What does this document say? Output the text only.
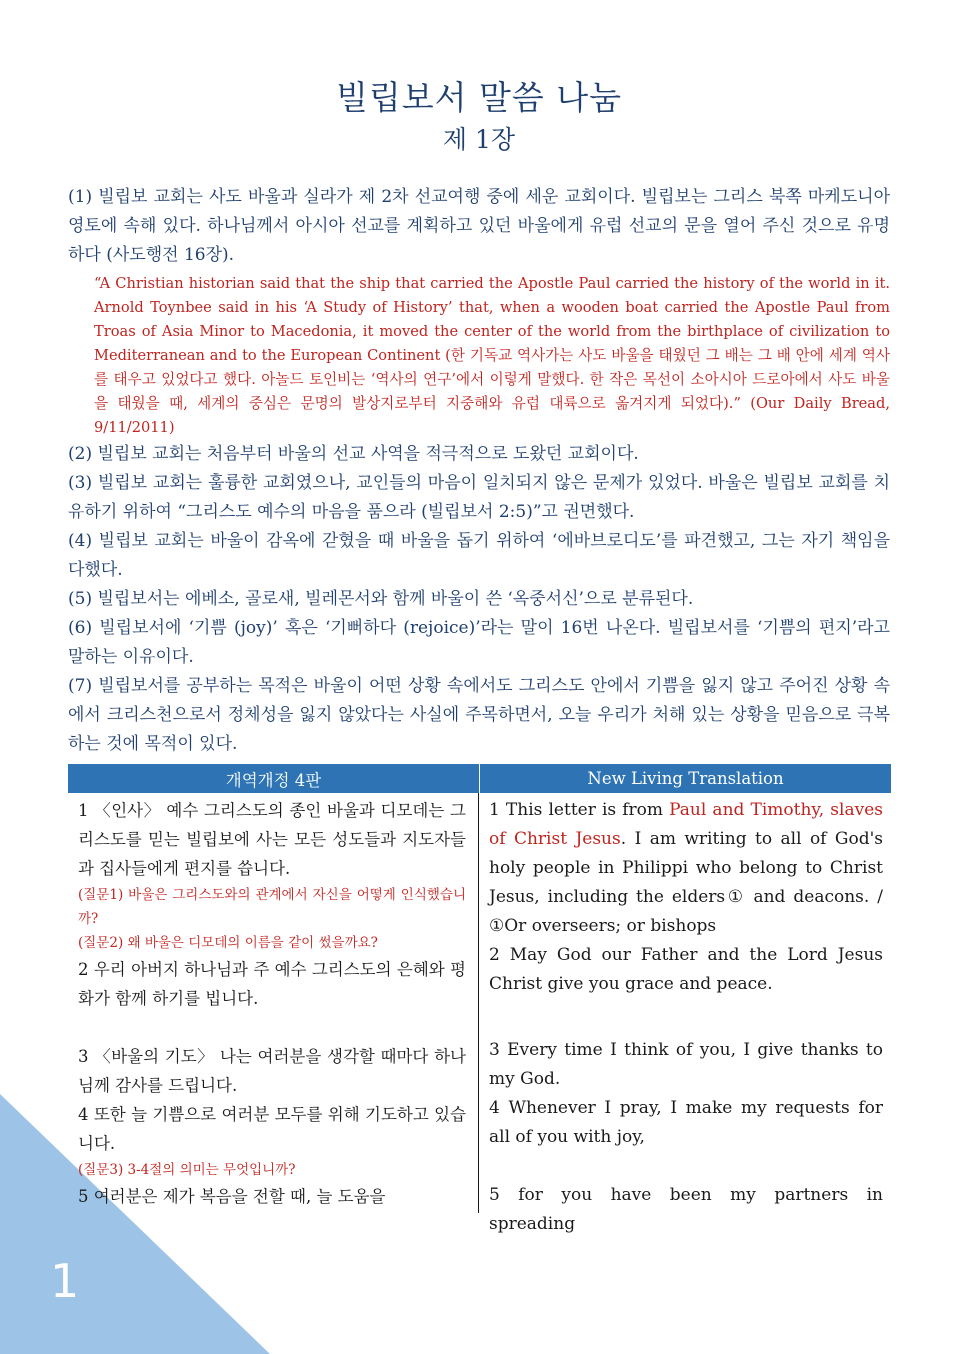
1
빌립보서 말씀 나눔
제 1장

(1) 빌립보 교회는 사도 바울과 실라가 제 2차 선교여행 중에 세운 교회이다. 빌립보는 그리스 북쪽 마케도니아 영토에 속해 있다. 하나님께서 아시아 선교를 계획하고 있던 바울에게 유럽 선교의 문을 열어 주신 것으로 유명하다 (사도행전 16장).

“A Christian historian said that the ship that carried the Apostle Paul carried the history of the world in it. Arnold Toynbee said in his ‘A Study of History’ that, when a wooden boat carried the Apostle Paul from Troas of Asia Minor to Macedonia, it moved the center of the world from the birthplace of civilization to Mediterranean and to the European Continent (한 기독교 역사가는 사도 바울을 태웠던 그 배는 그 배 안에 세계 역사를 태우고 있었다고 했다. 아놀드 토인비는 ‘역사의 연구’에서 이렇게 말했다. 한 작은 목선이 소아시아 드로아에서 사도 바울을 태웠을 때, 세계의 중심은 문명의 발상지로부터 지중해와 유럽 대륙으로 옮겨지게 되었다).” (Our Daily Bread, 9/11/2011)

(2) 빌립보 교회는 처음부터 바울의 선교 사역을 적극적으로 도왔던 교회이다.

(3) 빌립보 교회는 훌륭한 교회였으나, 교인들의 마음이 일치되지 않은 문제가 있었다. 바울은 빌립보 교회를 치유하기 위하여 “그리스도 예수의 마음을 품으라 (빌립보서 2:5)”고 권면했다.

(4) 빌립보 교회는 바울이 감옥에 갇혔을 때 바울을 돕기 위하여 ‘에바브로디도’를 파견했고, 그는 자기 책임을 다했다.

(5) 빌립보서는 에베소, 골로새, 빌레몬서와 함께 바울이 쓴 ‘옥중서신’으로 분류된다.

(6) 빌립보서에 ‘기쁨 (joy)’ 혹은 ‘기뻐하다 (rejoice)’라는 말이 16번 나온다. 빌립보서를 ‘기쁨의 편지’라고 말하는 이유이다.

(7) 빌립보서를 공부하는 목적은 바울이 어떤 상황 속에서도 그리스도 안에서 기쁨을 잃지 않고 주어진 상황 속에서 크리스천으로서 정체성을 잃지 않았다는 사실에 주목하면서, 오늘 우리가 처해 있는 상황을 믿음으로 극복하는 것에 목적이 있다.

개역개정 4판	New Living Translation

1 〈인사〉 예수 그리스도의 종인 바울과 디모데는 그리스도를 믿는 빌립보에 사는 모든 성도들과 지도자들과 집사들에게 편지를 씁니다.

(질문1) 바울은 그리스도와의 관계에서 자신을 어떻게 인식했습니까?

(질문2) 왜 바울은 디모데의 이름을 같이 썼을까요?

2 우리 아버지 하나님과 주 예수 그리스도의 은혜와 평화가 함께 하기를 빕니다.

3 〈바울의 기도〉 나는 여러분을 생각할 때마다 하나님께 감사를 드립니다.

4 또한 늘 기쁨으로 여러분 모두를 위해 기도하고 있습니다.

(질문3) 3-4절의 의미는 무엇입니까?

5 여러분은 제가 복음을 전할 때, 늘 도움을

1 This letter is from Paul and Timothy, slaves of Christ Jesus. I am writing to all of God's holy people in Philippi who belong to Christ Jesus, including the elders① and deacons. / ①Or overseers; or bishops

2 May God our Father and the Lord Jesus Christ give you grace and peace.

3 Every time I think of you, I give thanks to my God.

4 Whenever I pray, I make my requests for all of you with joy,

5 for you have been my partners in spreading
